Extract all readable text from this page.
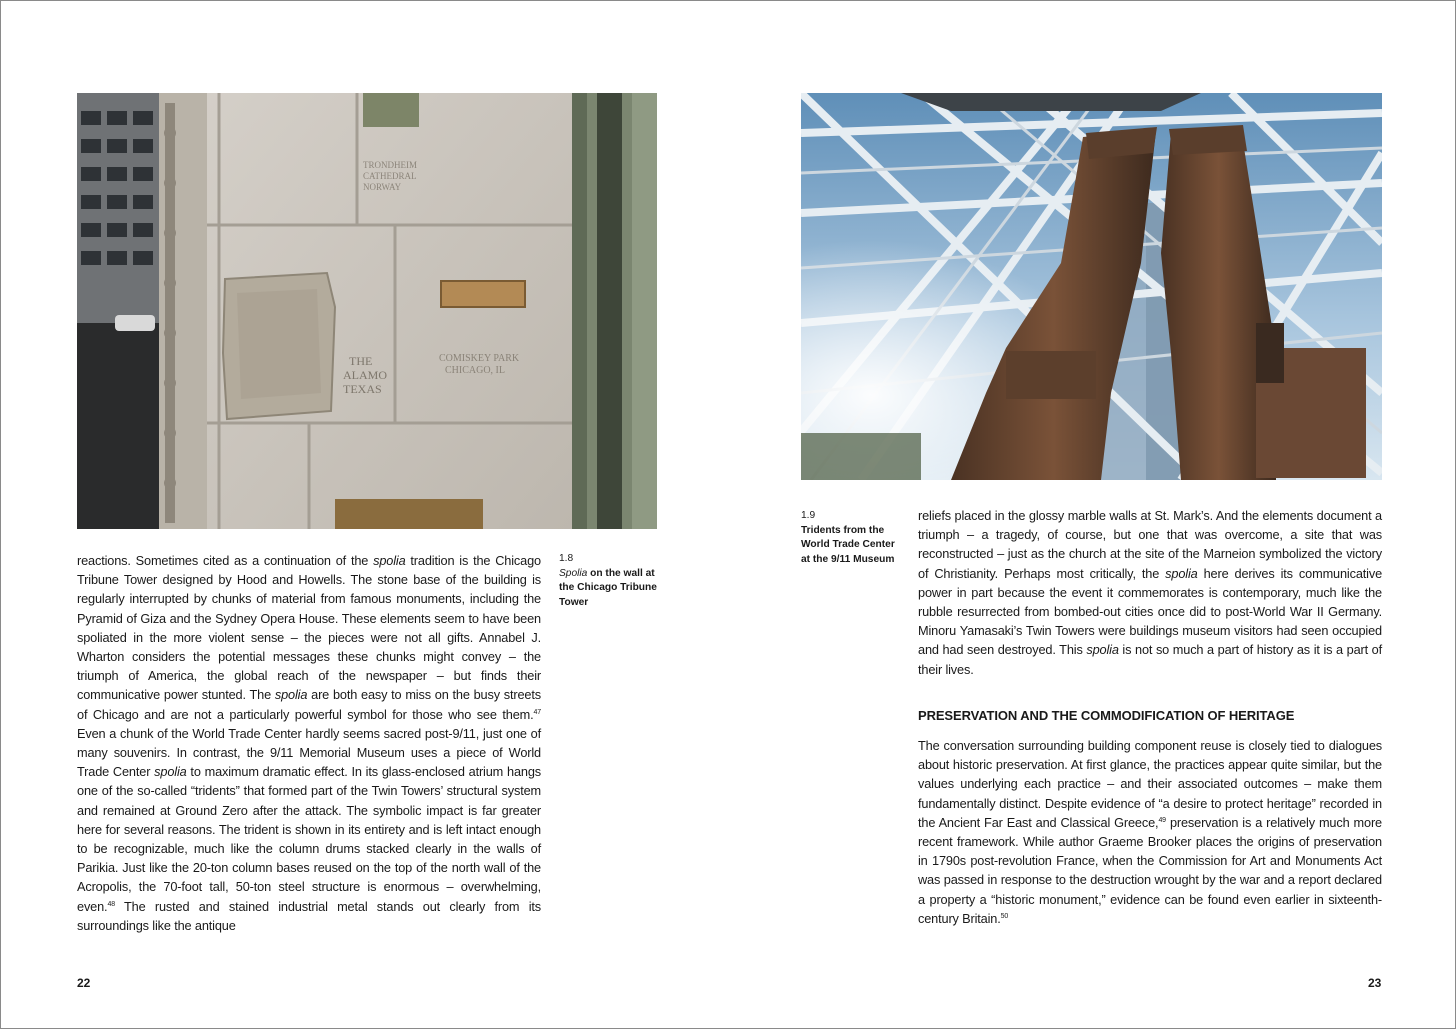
TRONDHEIM
CATHEDRAL
NORWAY
THE
ALAMO
TEXAS
COMISKEY PARK
CHICAGO, IL
1.8
Spolia on the wall at the Chicago Tribune Tower

reactions. Sometimes cited as a continuation of the spolia tradition is the Chicago Tribune Tower designed by Hood and Howells. The stone base of the building is regularly interrupted by chunks of material from famous monuments, including the Pyramid of Giza and the Sydney Opera House. These elements seem to have been spoliated in the more violent sense – the pieces were not all gifts. Annabel J. Wharton considers the potential messages these chunks might convey – the triumph of America, the global reach of the newspaper – but finds their communicative power stunted. The spolia are both easy to miss on the busy streets of Chicago and are not a particularly powerful symbol for those who see them.$^{47}$ Even a chunk of the World Trade Center hardly seems sacred post-9/11, just one of many souvenirs. In contrast, the 9/11 Memorial Museum uses a piece of World Trade Center spolia to maximum dramatic effect. In its glass-enclosed atrium hangs one of the so-called “tridents” that formed part of the Twin Towers’ structural system and remained at Ground Zero after the attack. The symbolic impact is far greater here for several reasons. The trident is shown in its entirety and is left intact enough to be recognizable, much like the column drums stacked clearly in the walls of Parikia. Just like the 20-ton column bases reused on the top of the north wall of the Acropolis, the 70-foot tall, 50-ton steel structure is enormous – overwhelming, even.$^{48}$ The rusted and stained industrial metal stands out clearly from its surroundings like the antique

1.9
Tridents from the World Trade Center at the 9/11 Museum

reliefs placed in the glossy marble walls at St. Mark’s. And the elements document a triumph – a tragedy, of course, but one that was overcome, a site that was reconstructed – just as the church at the site of the Marneion symbolized the victory of Christianity. Perhaps most critically, the spolia here derives its communicative power in part because the event it commemorates is contemporary, much like the rubble resurrected from bombed-out cities once did to post-World War II Germany. Minoru Yamasaki’s Twin Towers were buildings museum visitors had seen occupied and had seen destroyed. This spolia is not so much a part of history as it is a part of their lives.

PRESERVATION AND THE COMMODIFICATION OF HERITAGE

The conversation surrounding building component reuse is closely tied to dialogues about historic preservation. At first glance, the practices appear quite similar, but the values underlying each practice – and their associated outcomes – make them fundamentally distinct. Despite evidence of “a desire to protect heritage” recorded in the Ancient Far East and Classical Greece,$^{49}$ preservation is a relatively much more recent framework. While author Graeme Brooker places the origins of preservation in 1790s post-revolution France, when the Commission for Art and Monuments Act was passed in response to the destruction wrought by the war and a report declared a property a “historic monument,” evidence can be found even earlier in sixteenth-century Britain.$^{50}$

22	23
